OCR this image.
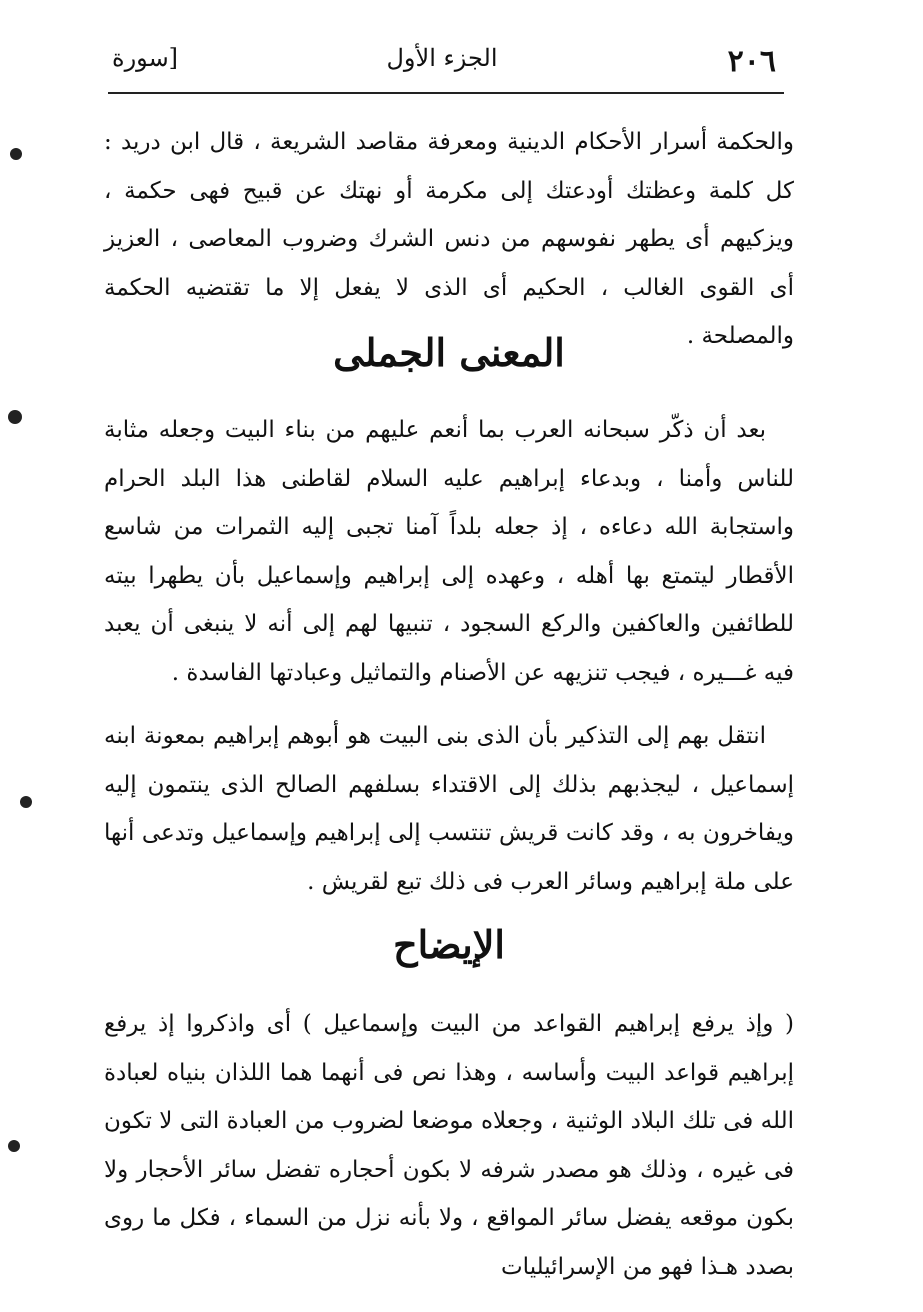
٢٠٦
الجزء الأول
[سورة

والحكمة أسرار الأحكام الدينية ومعرفة مقاصد الشريعة ، قال ابن دريد : كل كلمة وعظتك أودعتك إلى مكرمة أو نهتك عن قبيح فهى حكمة ، ويزكيهم أى يطهر نفوسهم من دنس الشرك وضروب المعاصى ، العزيز أى القوى الغالب ، الحكيم أى الذى لا يفعل إلا ما تقتضيه الحكمة والمصلحة .

المعنى الجملى

بعد أن ذكّر سبحانه العرب بما أنعم عليهم من بناء البيت وجعله مثابة للناس وأمنا ، وبدعاء إبراهيم عليه السلام لقاطنى هذا البلد الحرام واستجابة الله دعاءه ، إذ جعله بلداً آمنا تجبى إليه الثمرات من شاسع الأقطار ليتمتع بها أهله ، وعهده إلى إبراهيم وإسماعيل بأن يطهرا بيته للطائفين والعاكفين والركع السجود ، تنبيها لهم إلى أنه لا ينبغى أن يعبد فيه غـــيره ، فيجب تنزيهه عن الأصنام والتماثيل وعبادتها الفاسدة .

انتقل بهم إلى التذكير بأن الذى بنى البيت هو أبوهم إبراهيم بمعونة ابنه إسماعيل ، ليجذبهم بذلك إلى الاقتداء بسلفهم الصالح الذى ينتمون إليه ويفاخرون به ، وقد كانت قريش تنتسب إلى إبراهيم وإسماعيل وتدعى أنها على ملة إبراهيم وسائر العرب فى ذلك تبع لقريش .

الإيضاح

( وإذ يرفع إبراهيم القواعد من البيت وإسماعيل ) أى واذكروا إذ يرفع إبراهيم قواعد البيت وأساسه ، وهذا نص فى أنهما هما اللذان بنياه لعبادة الله فى تلك البلاد الوثنية ، وجعلاه موضعا لضروب من العبادة التى لا تكون فى غيره ، وذلك هو مصدر شرفه لا بكون أحجاره تفضل سائر الأحجار ولا بكون موقعه يفضل سائر المواقع ، ولا بأنه نزل من السماء ، فكل ما روى بصدد هـذا فهو من الإسرائيليات
